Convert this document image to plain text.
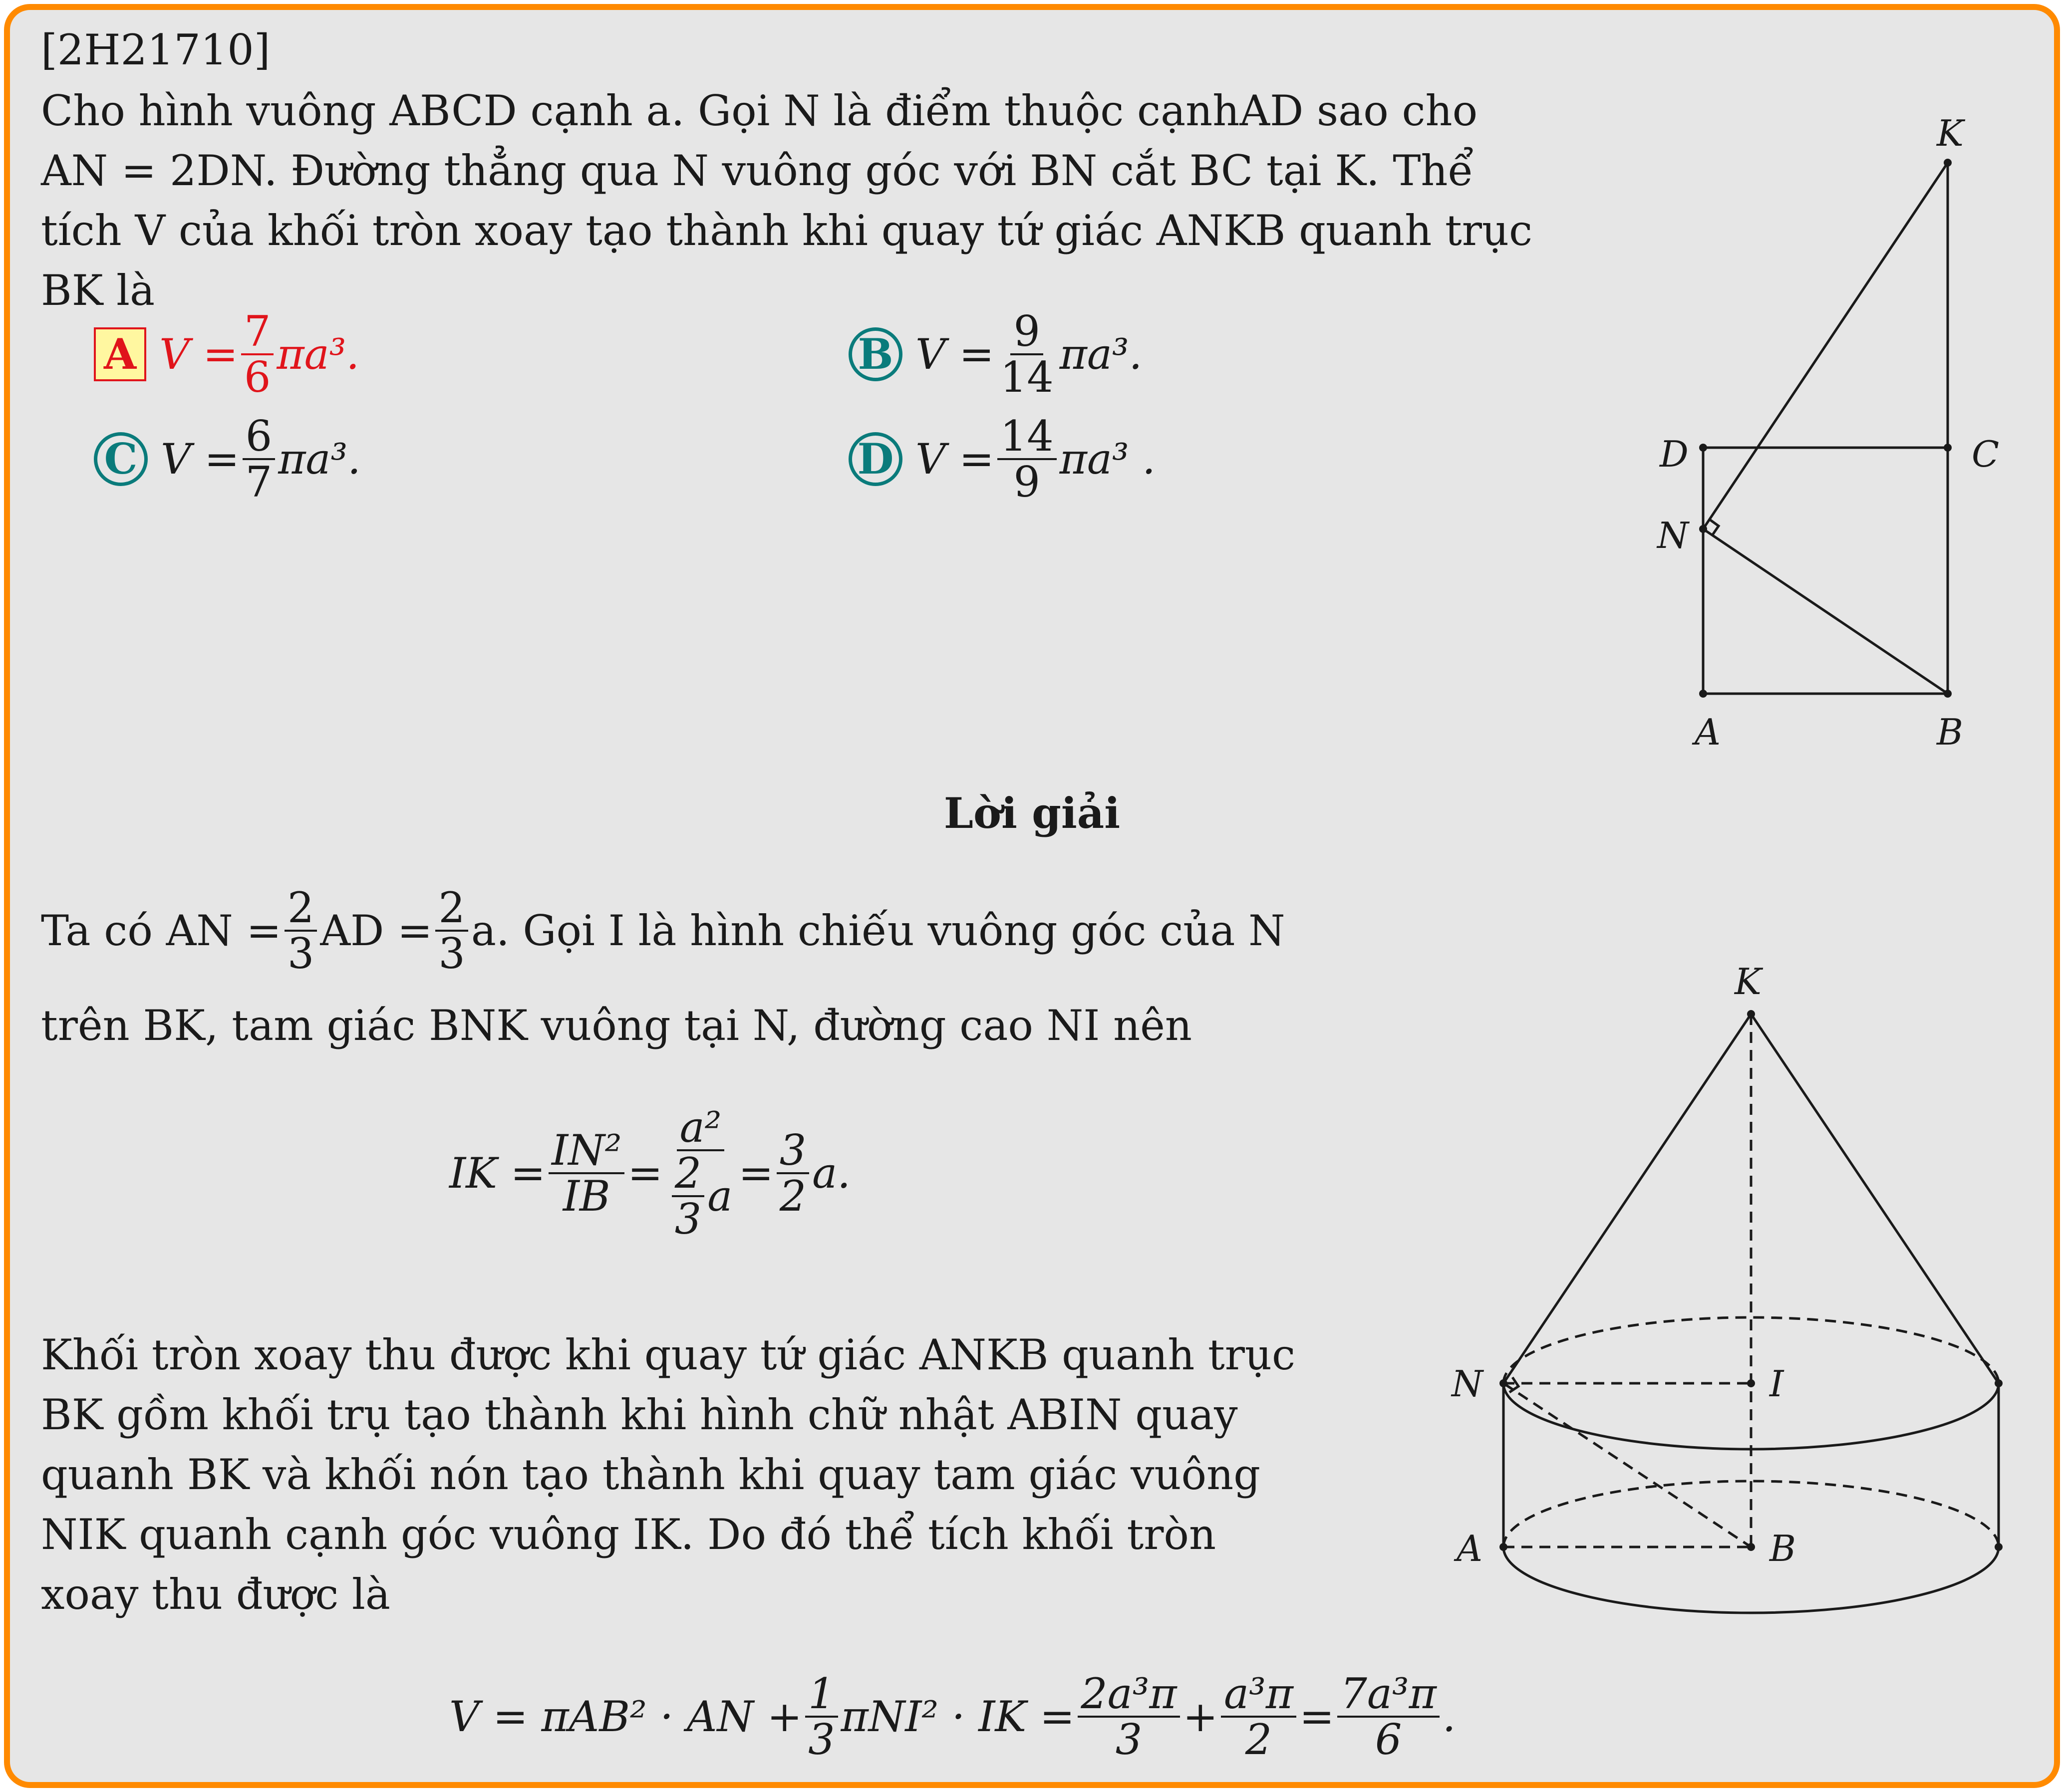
[2H21710]
Cho hình vuông ABCD cạnh a. Gọi N là điểm thuộc cạnhAD sao cho
AN = 2DN. Đường thẳng qua N vuông góc với BN cắt BC tại K. Thể
tích V của khối tròn xoay tạo thành khi quay tứ giác ANKB quanh trục
BK là
A $V = \frac{7}{6} \pi a^3$.	B $V = \frac{9}{14} \pi a^3$.
C $V = \frac{6}{7} \pi a^3$.	D $V = \frac{14}{9} \pi a^3$ .
K
D	C
N
A	B
Lời giải
Ta có AN = $\frac{2}{3}$ AD = $\frac{2}{3} a$. Gọi I là hình chiếu vuông góc của N
trên BK, tam giác BNK vuông tại N, đường cao NI nên
IK = $\frac{\text{IN²}}{IB} = \frac{\text{a²}}{\frac{2}{3} a} = \frac{3}{2} a$.
Khối tròn xoay thu được khi quay tứ giác ANKB quanh trục
BK gồm khối trụ tạo thành khi hình chữ nhật ABIN quay
quanh BK và khối nón tạo thành khi quay tam giác vuông
NIK quanh cạnh góc vuông IK. Do đó thể tích khối tròn
xoay thu được là
V = πAB² · AN + $\frac{1}{3} \pi NI^2$ · IK = $\frac{\text{2a³π}}{3} + \frac{\text{a³π}}{2} = \frac{\text{7a³π}}{6}$ .
K
N	I
A	B
